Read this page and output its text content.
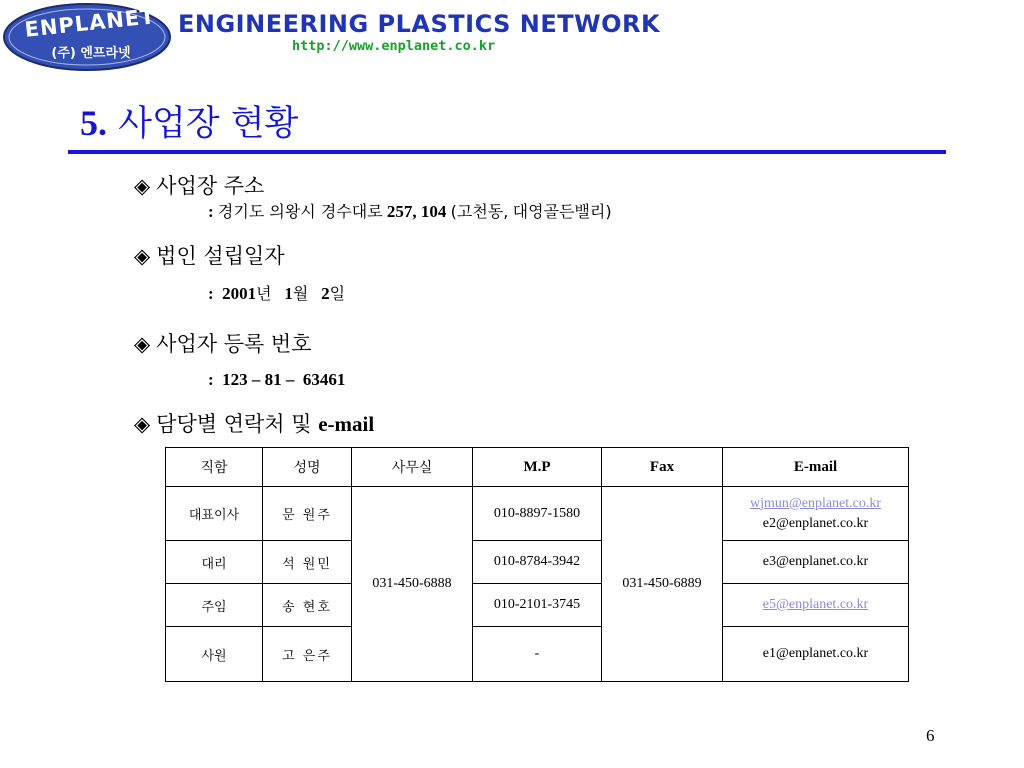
ENPLANET
(주) 엔프라넷
ENGINEERING PLASTICS NETWORK
http://www.enplanet.co.kr
5. 사업장 현황
◈ 사업장 주소
: 경기도 의왕시 경수대로 257, 104 (고천동, 대영골든밸리)
◈ 법인 설립일자
: 2001년 1월 2일
◈ 사업자 등록 번호
: 123 – 81 –  63461
◈ 담당별 연락처 및 e-mail
직함	성명	사무실	M.P	Fax	E-mail
대표이사	문 원주	031-450-6888	010-8897-1580	031-450-6889	wjmun@enplanet.co.kr
e2@enplanet.co.kr

대리	석 원민		010-8784-3942		e3@enplanet.co.kr
주임	송 현호		010-2101-3745		e5@enplanet.co.kr
사원	고 은주		-		e1@enplanet.co.kr
6
